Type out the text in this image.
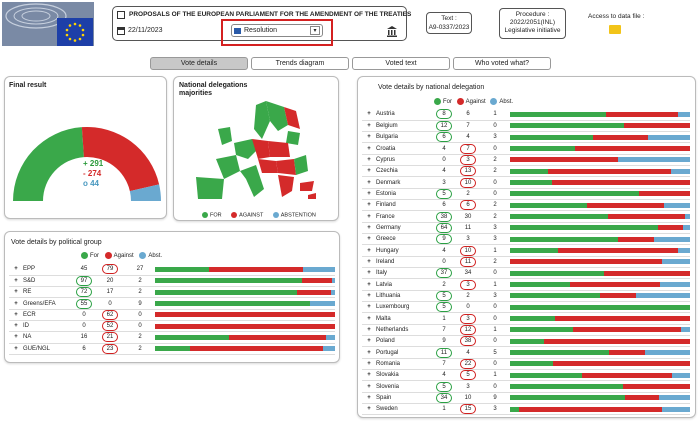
PROPOSALS OF THE EUROPEAN PARLIAMENT FOR THE AMENDMENT OF THE TREATIES
22/11/2023	Resolution	▾
Text :
A9-0337/2023
Procedure :
2022/2051(INL)
Legislative initiative
Access to data file :
Vote details	Trends diagram	Voted text	Who voted what?
Final result
+ 291
- 274
o 44
National delegations majorities
FOR	AGAINST	ABSTENTION
Vote details by political group
For Against Abst.
+	EPP	45	79	27	

+	S&D	97	20	2	

+	RE	72	17	2	

+	Greens/EFA	55	0	9	

+	ECR	0	62	0	

+	ID	0	52	0	

+	NA	16	21	2	

+	GUE/NGL	6	23	2	
Vote details by national delegation
For Against Abst.
+	Austria	8	6	1	

+	Belgium	12	7	0	

+	Bulgaria	6	4	3	

+	Croatia	4	7	0	

+	Cyprus	0	3	2	

+	Czechia	4	13	2	

+	Denmark	3	10	0	

+	Estonia	5	2	0	

+	Finland	6	6	2	

+	France	38	30	2	

+	Germany	64	11	3	

+	Greece	9	3	3	

+	Hungary	4	10	1	

+	Ireland	0	11	2	

+	Italy	37	34	0	

+	Latvia	2	3	1	

+	Lithuania	5	2	3	

+	Luxembourg	5	0	0	

+	Malta	1	3	0	

+	Netherlands	7	12	1	

+	Poland	9	38	0	

+	Portugal	11	4	5	

+	Romania	7	22	0	

+	Slovakia	4	5	1	

+	Slovenia	5	3	0	

+	Spain	34	10	9	

+	Sweden	1	15	3	
